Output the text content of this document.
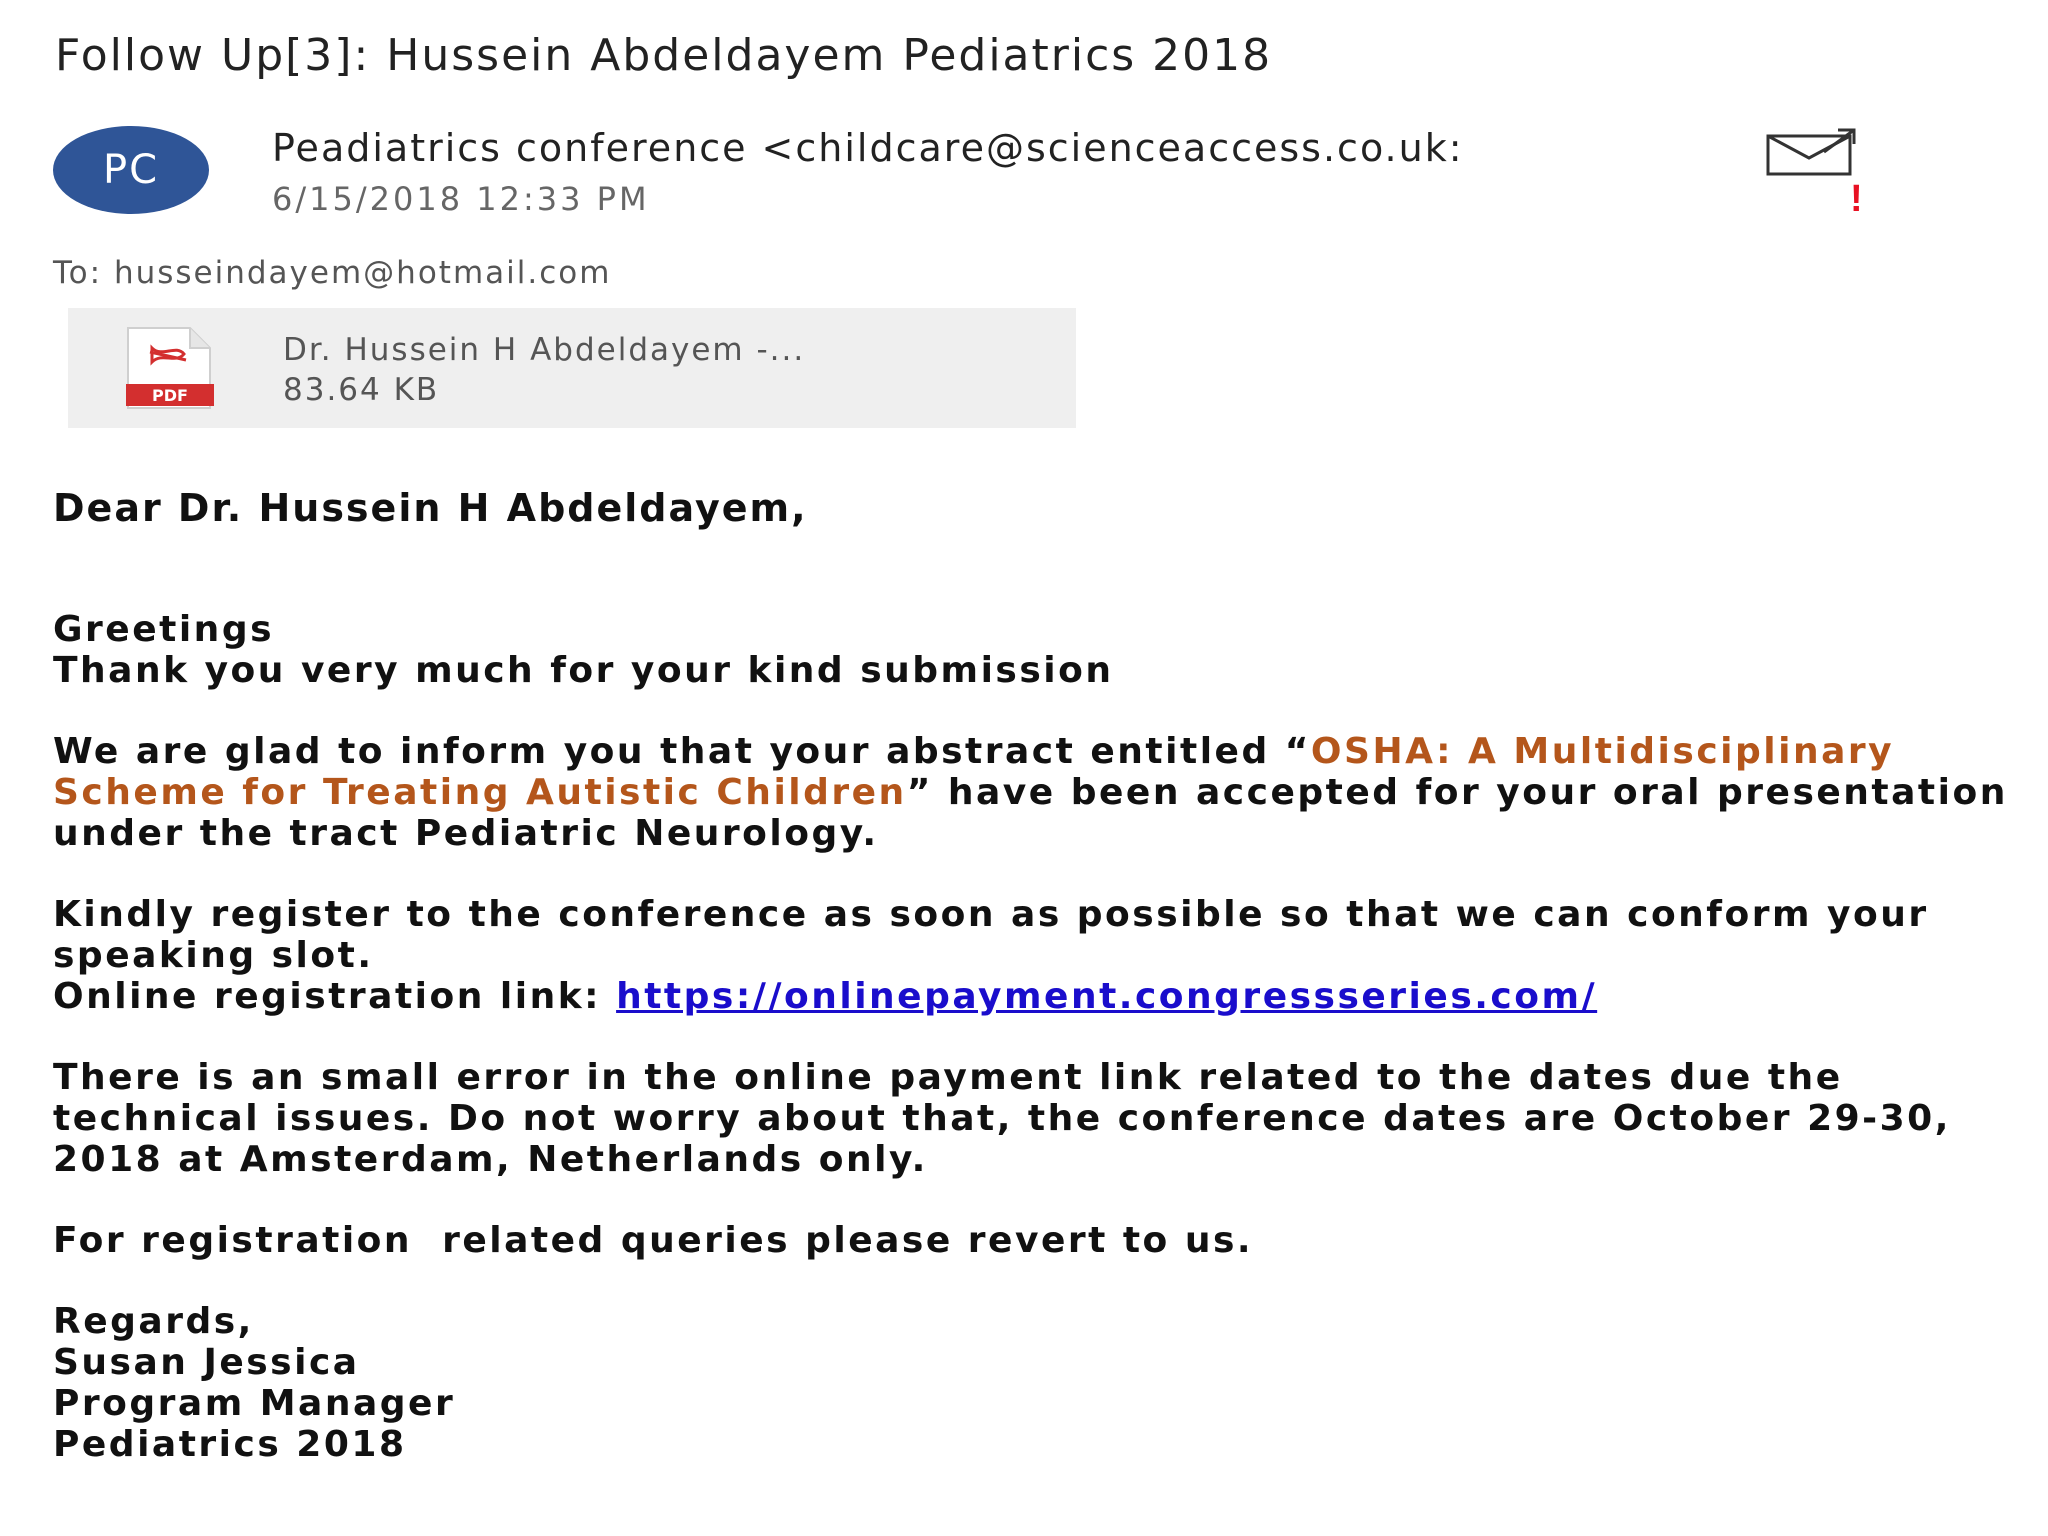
Follow Up[3]: Hussein Abdeldayem Pediatrics 2018
PC	Peadiatrics conference <childcare@scienceaccess.co.uk:
6/15/2018 12:33 PM	!
To: husseindayem@hotmail.com
PDF
Dr. Hussein H Abdeldayem -...
83.64 KB

Dear Dr. Hussein H Abdeldayem,

Greetings

Thank you very much for your kind submission

We are glad to inform you that your abstract entitled “OSHA: A Multidisciplinary Scheme for Treating Autistic Children” have been accepted for your oral presentation under the tract Pediatric Neurology.

Kindly register to the conference as soon as possible so that we can conform your speaking slot.

Online registration link: https://onlinepayment.congressseries.com/

There is an small error in the online payment link related to the dates due the technical issues. Do not worry about that, the conference dates are October 29-30, 2018 at Amsterdam, Netherlands only.

For registration  related queries please revert to us.

Regards,

Susan Jessica

Program Manager

Pediatrics 2018
